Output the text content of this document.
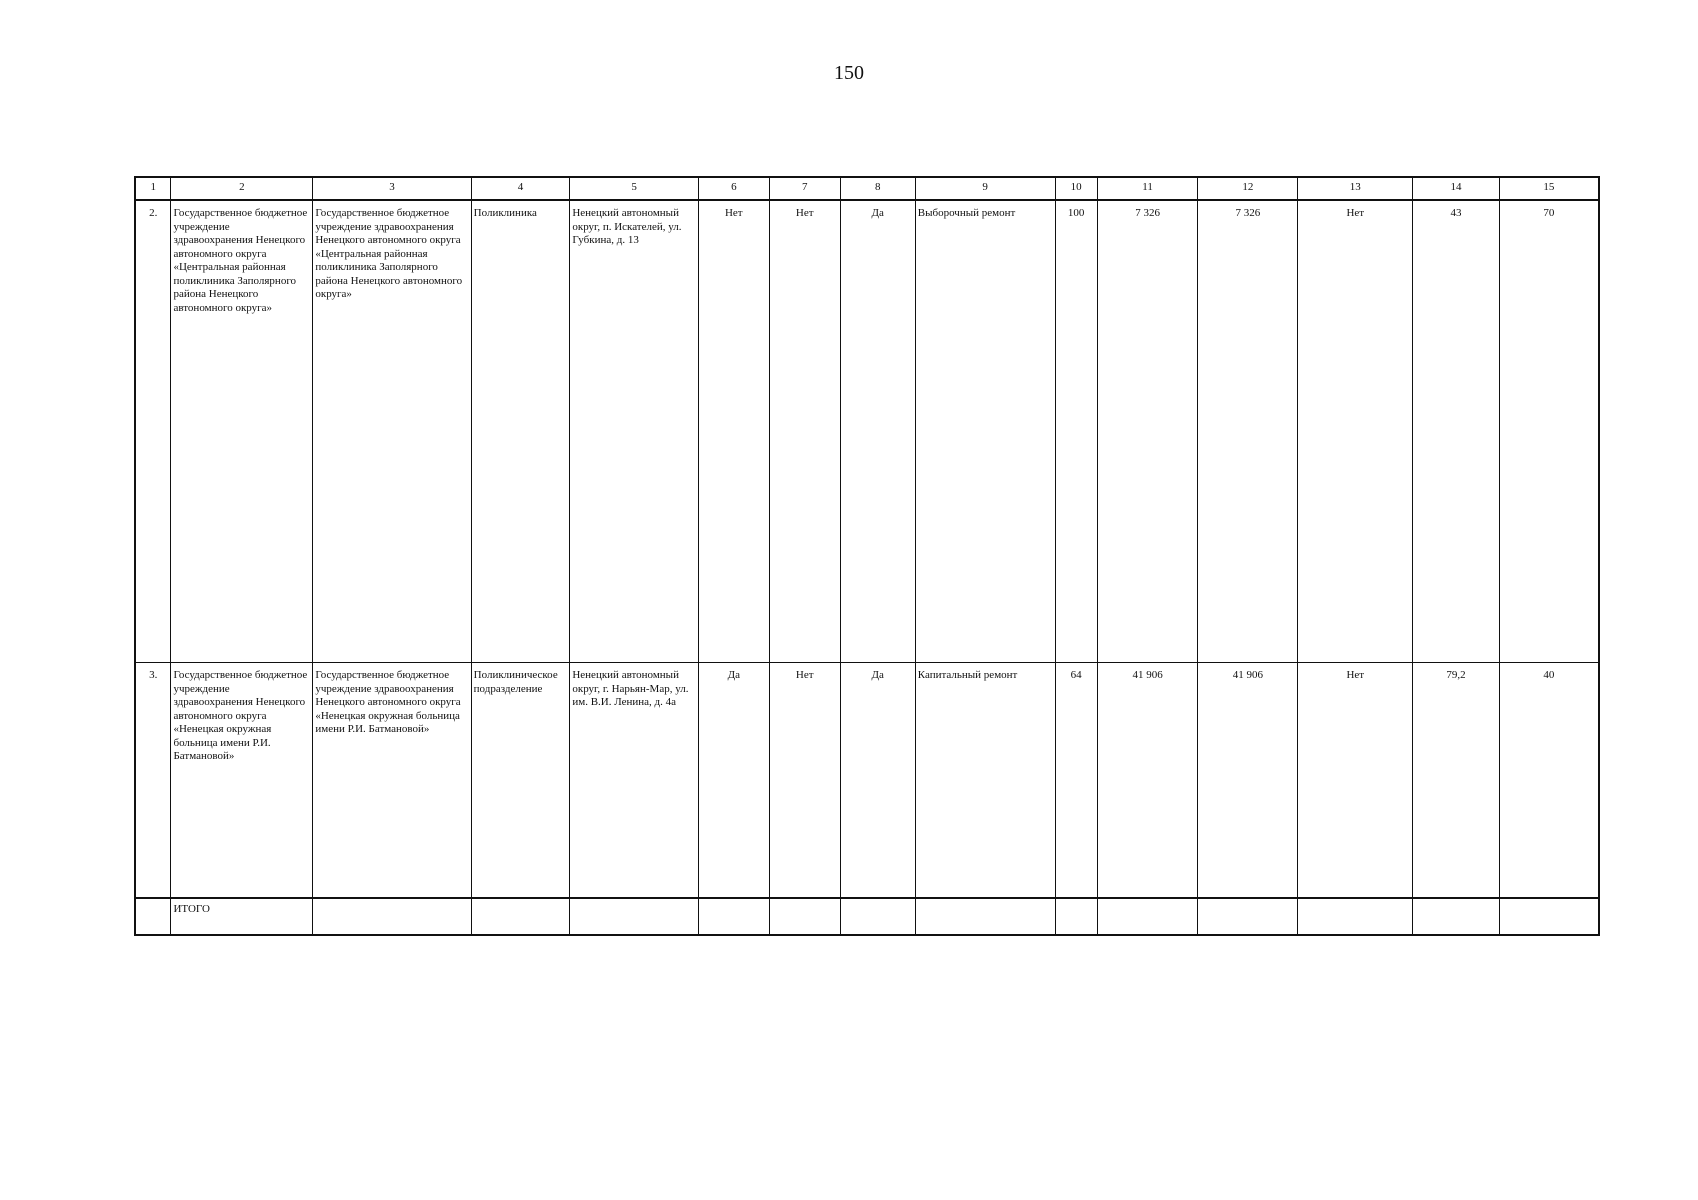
150
1	2	3	4	5	6	7	8	9	10	11	12	13	14	15
2.	Государственное бюджетное учреждение здравоохранения Ненецкого автономного округа «Центральная районная поликлиника Заполярного района Ненецкого автономного округа»	Государственное бюджетное учреждение здравоохранения Ненецкого автономного округа «Центральная районная поликлиника Заполярного района Ненецкого автономного округа»	Поликлиника	Ненецкий автономный округ, п. Искателей, ул. Губкина, д. 13	Нет	Нет	Да	Выборочный ремонт	100	7 326	7 326	Нет	43	70
3.	Государственное бюджетное учреждение здравоохранения Ненецкого автономного округа «Ненецкая окружная больница имени Р.И. Батмановой»	Государственное бюджетное учреждение здравоохранения Ненецкого автономного округа «Ненецкая окружная больница имени Р.И. Батмановой»	Поликлиническое подразделение	Ненецкий автономный округ, г. Нарьян-Мар, ул. им. В.И. Ленина, д. 4а	Да	Нет	Да	Капитальный ремонт	64	41 906	41 906	Нет	79,2	40
	ИТОГО													
